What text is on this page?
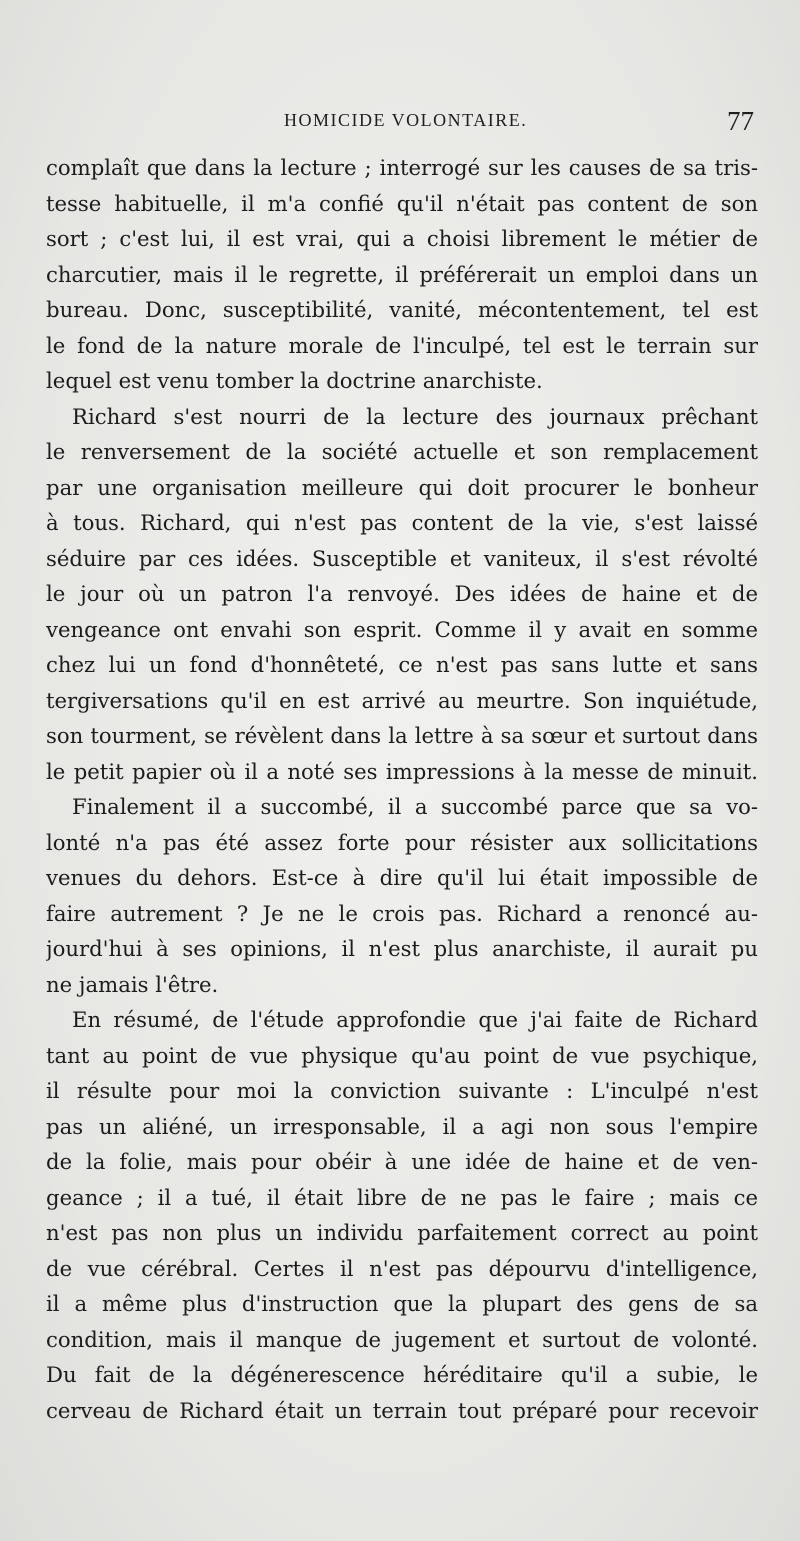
HOMICIDE VOLONTAIRE.	77
complaît que dans la lecture ; interrogé sur les causes de sa tris-
tesse habituelle, il m'a confié qu'il n'était pas content de son
sort ; c'est lui, il est vrai, qui a choisi librement le métier de
charcutier, mais il le regrette, il préférerait un emploi dans un
bureau. Donc, susceptibilité, vanité, mécontentement, tel est
le fond de la nature morale de l'inculpé, tel est le terrain sur
lequel est venu tomber la doctrine anarchiste.
Richard s'est nourri de la lecture des journaux prêchant
le renversement de la société actuelle et son remplacement
par une organisation meilleure qui doit procurer le bonheur
à tous. Richard, qui n'est pas content de la vie, s'est laissé
séduire par ces idées. Susceptible et vaniteux, il s'est révolté
le jour où un patron l'a renvoyé. Des idées de haine et de
vengeance ont envahi son esprit. Comme il y avait en somme
chez lui un fond d'honnêteté, ce n'est pas sans lutte et sans
tergiversations qu'il en est arrivé au meurtre. Son inquiétude,
son tourment, se révèlent dans la lettre à sa sœur et surtout dans
le petit papier où il a noté ses impressions à la messe de minuit.
Finalement il a succombé, il a succombé parce que sa vo-
lonté n'a pas été assez forte pour résister aux sollicitations
venues du dehors. Est-ce à dire qu'il lui était impossible de
faire autrement ? Je ne le crois pas. Richard a renoncé au-
jourd'hui à ses opinions, il n'est plus anarchiste, il aurait pu
ne jamais l'être.
En résumé, de l'étude approfondie que j'ai faite de Richard
tant au point de vue physique qu'au point de vue psychique,
il résulte pour moi la conviction suivante : L'inculpé n'est
pas un aliéné, un irresponsable, il a agi non sous l'empire
de la folie, mais pour obéir à une idée de haine et de ven-
geance ; il a tué, il était libre de ne pas le faire ; mais ce
n'est pas non plus un individu parfaitement correct au point
de vue cérébral. Certes il n'est pas dépourvu d'intelligence,
il a même plus d'instruction que la plupart des gens de sa
condition, mais il manque de jugement et surtout de volonté.
Du fait de la dégénerescence héréditaire qu'il a subie, le
cerveau de Richard était un terrain tout préparé pour recevoir
